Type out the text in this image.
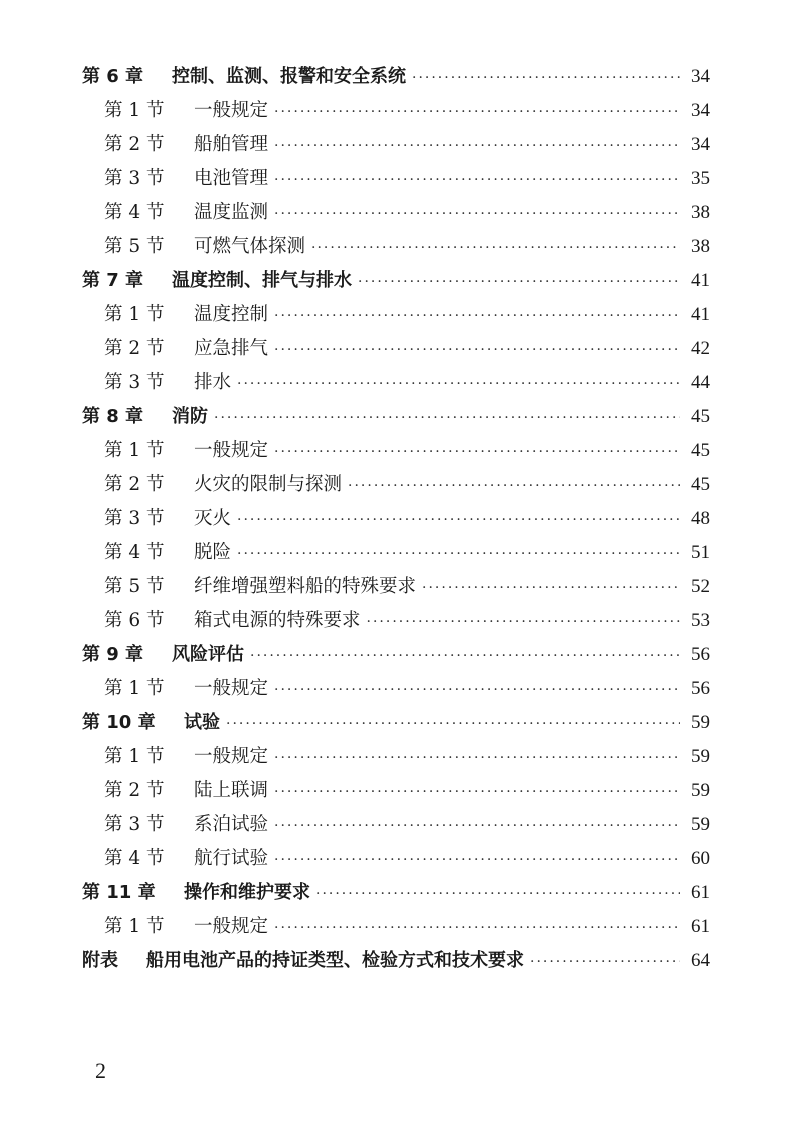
第 6 章	控制、监测、报警和安全系统 ·····	34
第 1 节	一般规定 ·····	34
第 2 节	船舶管理 ·····	34
第 3 节	电池管理 ·····	35
第 4 节	温度监测 ·····	38
第 5 节	可燃气体探测 ·····	38
第 7 章	温度控制、排气与排水 ·····	41
第 1 节	温度控制 ·····	41
第 2 节	应急排气 ·····	42
第 3 节	排水 ·····	44
第 8 章	消防 ·····	45
第 1 节	一般规定 ·····	45
第 2 节	火灾的限制与探测 ·····	45
第 3 节	灭火 ·····	48
第 4 节	脱险 ·····	51
第 5 节	纤维增强塑料船的特殊要求 ·····	52
第 6 节	箱式电源的特殊要求 ·····	53
第 9 章	风险评估 ·····	56
第 1 节	一般规定 ·····	56
第 10 章	试验 ·····	59
第 1 节	一般规定 ·····	59
第 2 节	陆上联调 ·····	59
第 3 节	系泊试验 ·····	59
第 4 节	航行试验 ·····	60
第 11 章	操作和维护要求 ·····	61
第 1 节	一般规定 ·····	61
附表	船用电池产品的持证类型、检验方式和技术要求 ·····	64
2
